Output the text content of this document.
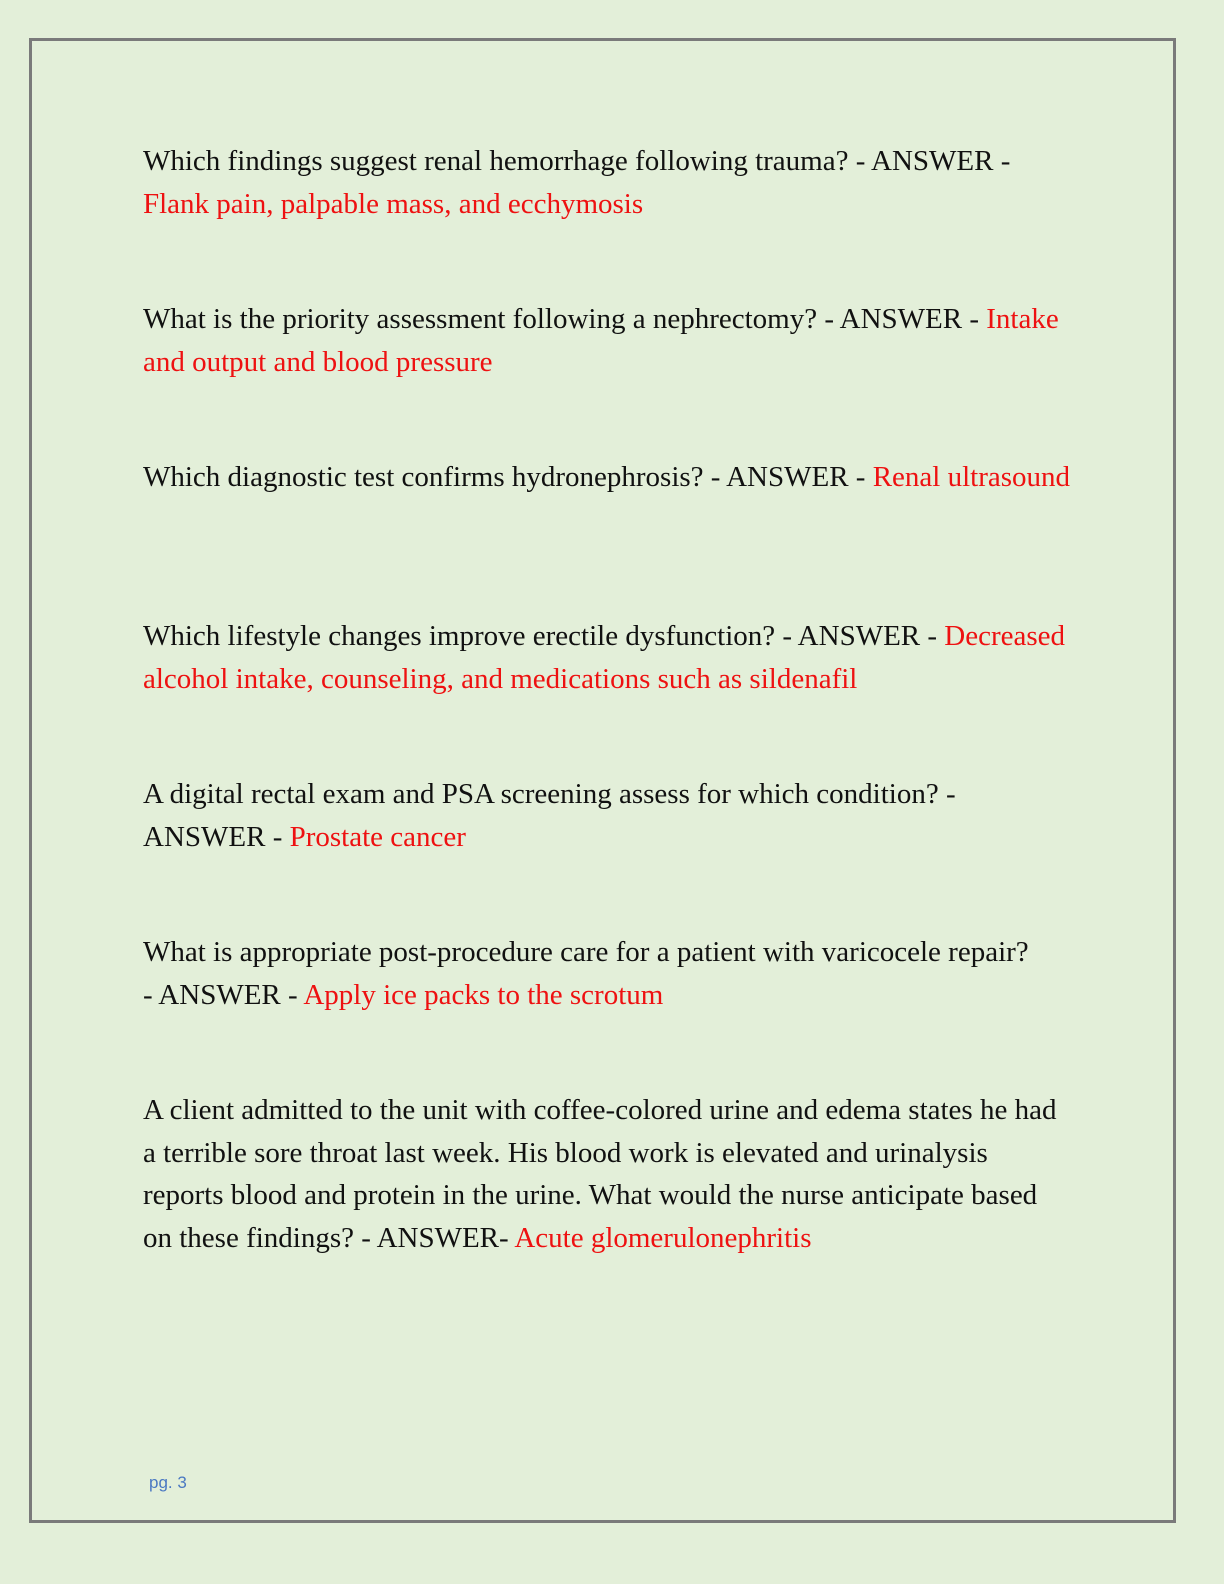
Which findings suggest renal hemorrhage following trauma? - ANSWER - Flank pain, palpable mass, and ecchymosis

What is the priority assessment following a nephrectomy? - ANSWER - Intake and output and blood pressure

Which diagnostic test confirms hydronephrosis? - ANSWER - Renal ultrasound

Which lifestyle changes improve erectile dysfunction? - ANSWER - Decreased alcohol intake, counseling, and medications such as sildenafil

A digital rectal exam and PSA screening assess for which condition? - ANSWER - Prostate cancer

What is appropriate post-procedure care for a patient with varicocele repair? - ANSWER - Apply ice packs to the scrotum

A client admitted to the unit with coffee-colored urine and edema states he had a terrible sore throat last week. His blood work is elevated and urinalysis reports blood and protein in the urine. What would the nurse anticipate based on these findings? - ANSWER- Acute glomerulonephritis

pg. 3
